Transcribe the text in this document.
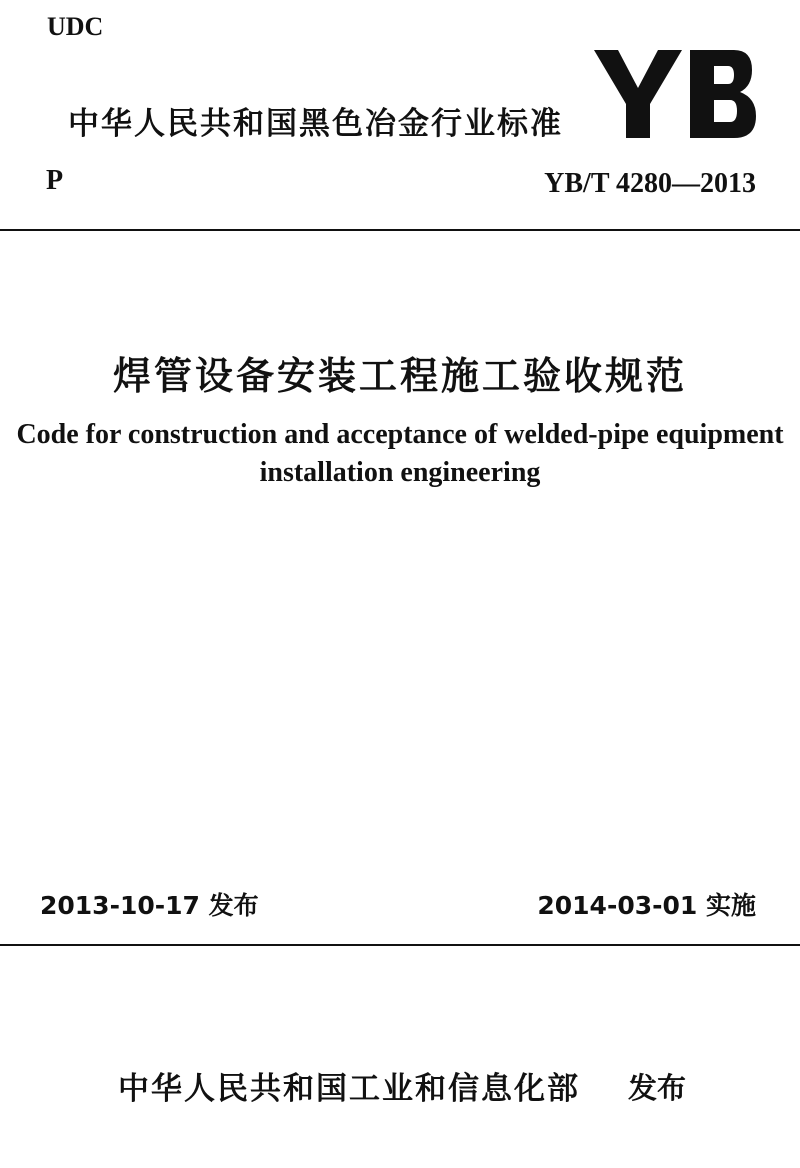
UDC
中华人民共和国黑色冶金行业标准
P	YB/T 4280—2013
焊管设备安装工程施工验收规范
Code for construction and acceptance of welded-pipe equipment
installation engineering
2013-10-17 发布	2014-03-01 实施
中华人民共和国工业和信息化部 发布
